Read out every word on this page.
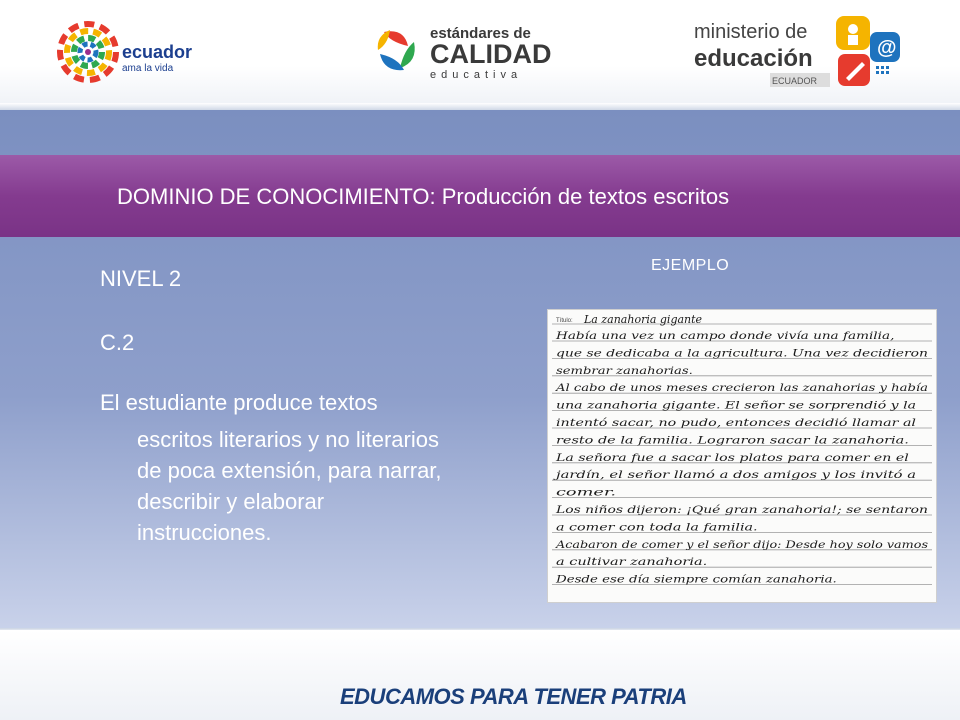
ecuador
ama la vida
estándares de
CALIDAD
educativa
ministerio de
educación
ECUADOR
@
DOMINIO DE CONOCIMIENTO: Producción de textos escritos
NIVEL 2
C.2
El estudiante produce textos
escritos literarios y no literarios
de poca extensión, para narrar,
describir y elaborar
instrucciones.
EJEMPLO
Título: La zanahoria gigante
Había una vez un campo donde vivía una familia,
que se dedicaba a la agricultura. Una vez decidieron
sembrar zanahorias.
Al cabo de unos meses crecieron las zanahorias y había
una zanahoria gigante. El señor se sorprendió y la
intentó sacar, no pudo, entonces decidió llamar al
resto de la familia. Lograron sacar la zanahoria.
La señora fue a sacar los platos para comer en el
jardín, el señor llamó a dos amigos y los invitó a
comer.
Los niños dijeron: ¡Qué gran zanahoria!; se sentaron
a comer con toda la familia.
Acabaron de comer y el señor dijo: Desde hoy solo vamos
a cultivar zanahoria.
Desde ese día siempre comían zanahoria.
EDUCAMOS PARA TENER PATRIA
